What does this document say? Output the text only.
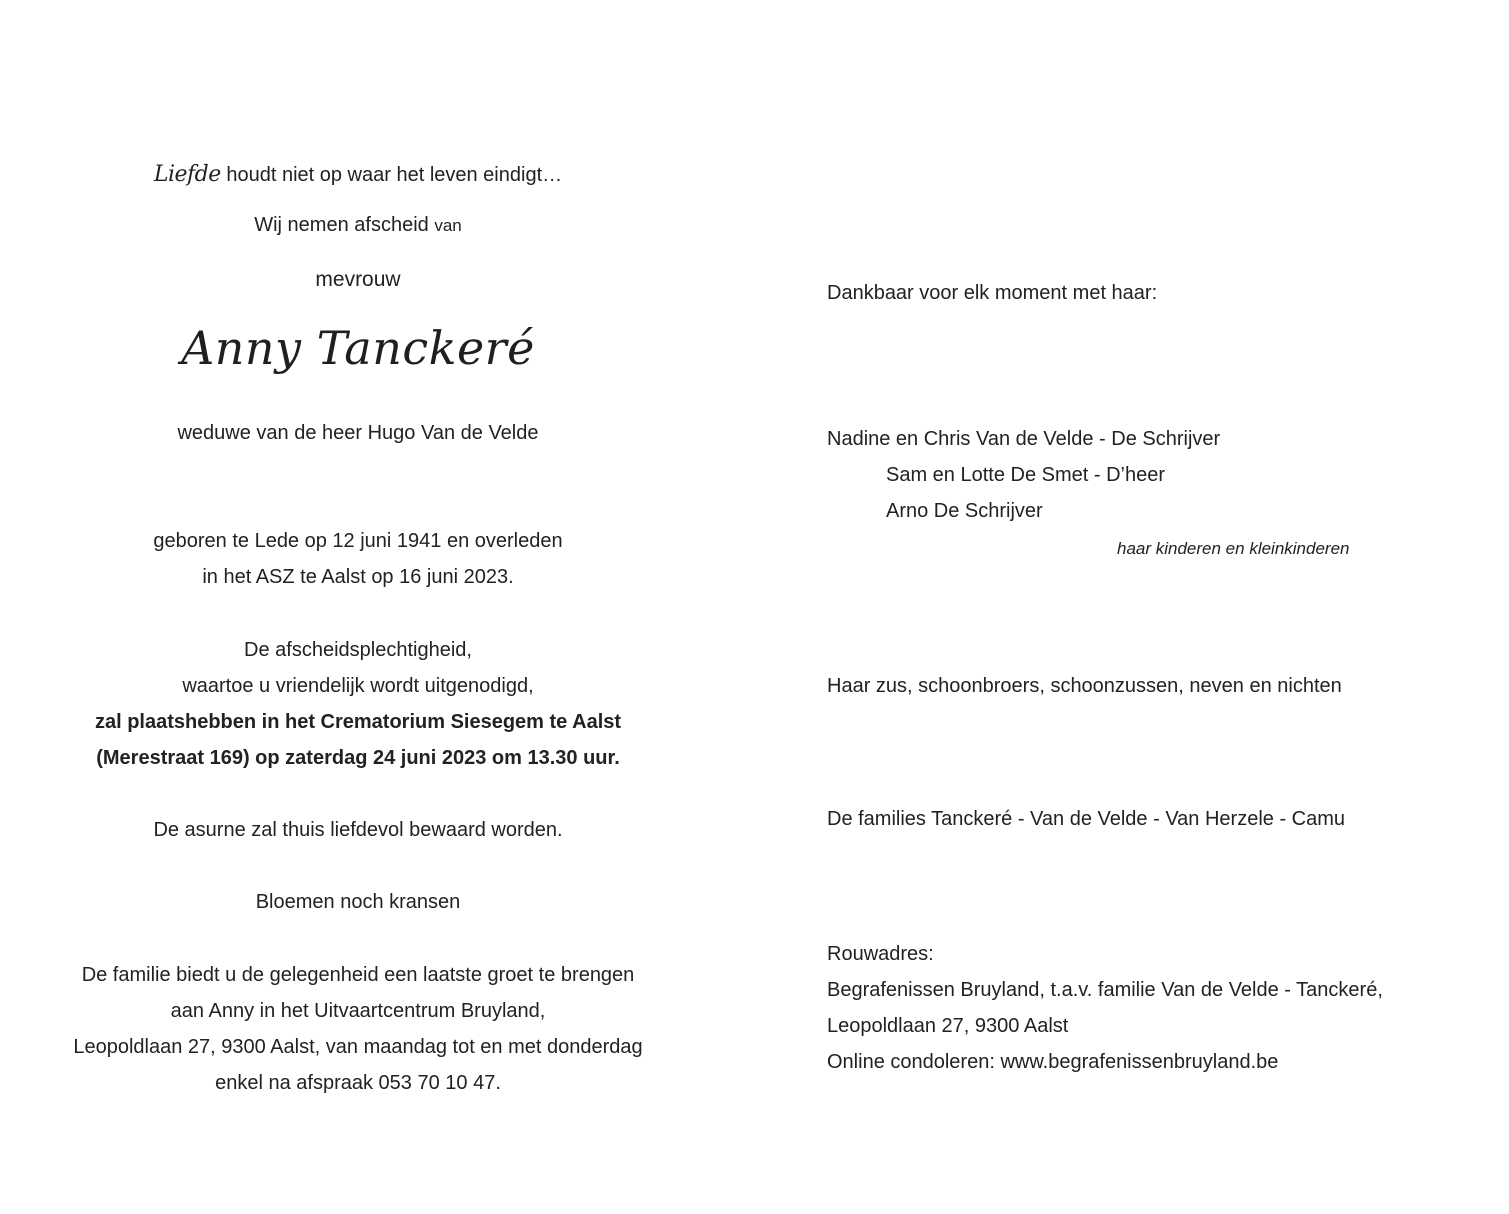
Liefde houdt niet op waar het leven eindigt…
Wij nemen afscheid van
mevrouw
Anny Tanckeré
weduwe van de heer Hugo Van de Velde
geboren te Lede op 12 juni 1941 en overleden
in het ASZ te Aalst op 16 juni 2023.
De afscheidsplechtigheid,
waartoe u vriendelijk wordt uitgenodigd,
zal plaatshebben in het Crematorium Siesegem te Aalst
(Merestraat 169) op zaterdag 24 juni 2023 om 13.30 uur.
De asurne zal thuis liefdevol bewaard worden.
Bloemen noch kransen
De familie biedt u de gelegenheid een laatste groet te brengen
aan Anny in het Uitvaartcentrum Bruyland,
Leopoldlaan 27, 9300 Aalst, van maandag tot en met donderdag
enkel na afspraak 053 70 10 47.
Dankbaar voor elk moment met haar:
Nadine en Chris Van de Velde - De Schrijver
Sam en Lotte De Smet - D’heer
Arno De Schrijver
haar kinderen en kleinkinderen
Haar zus, schoonbroers, schoonzussen, neven en nichten
De families Tanckeré - Van de Velde - Van Herzele - Camu
Rouwadres:
Begrafenissen Bruyland, t.a.v. familie Van de Velde - Tanckeré,
Leopoldlaan 27, 9300 Aalst
Online condoleren: www.begrafenissenbruyland.be
